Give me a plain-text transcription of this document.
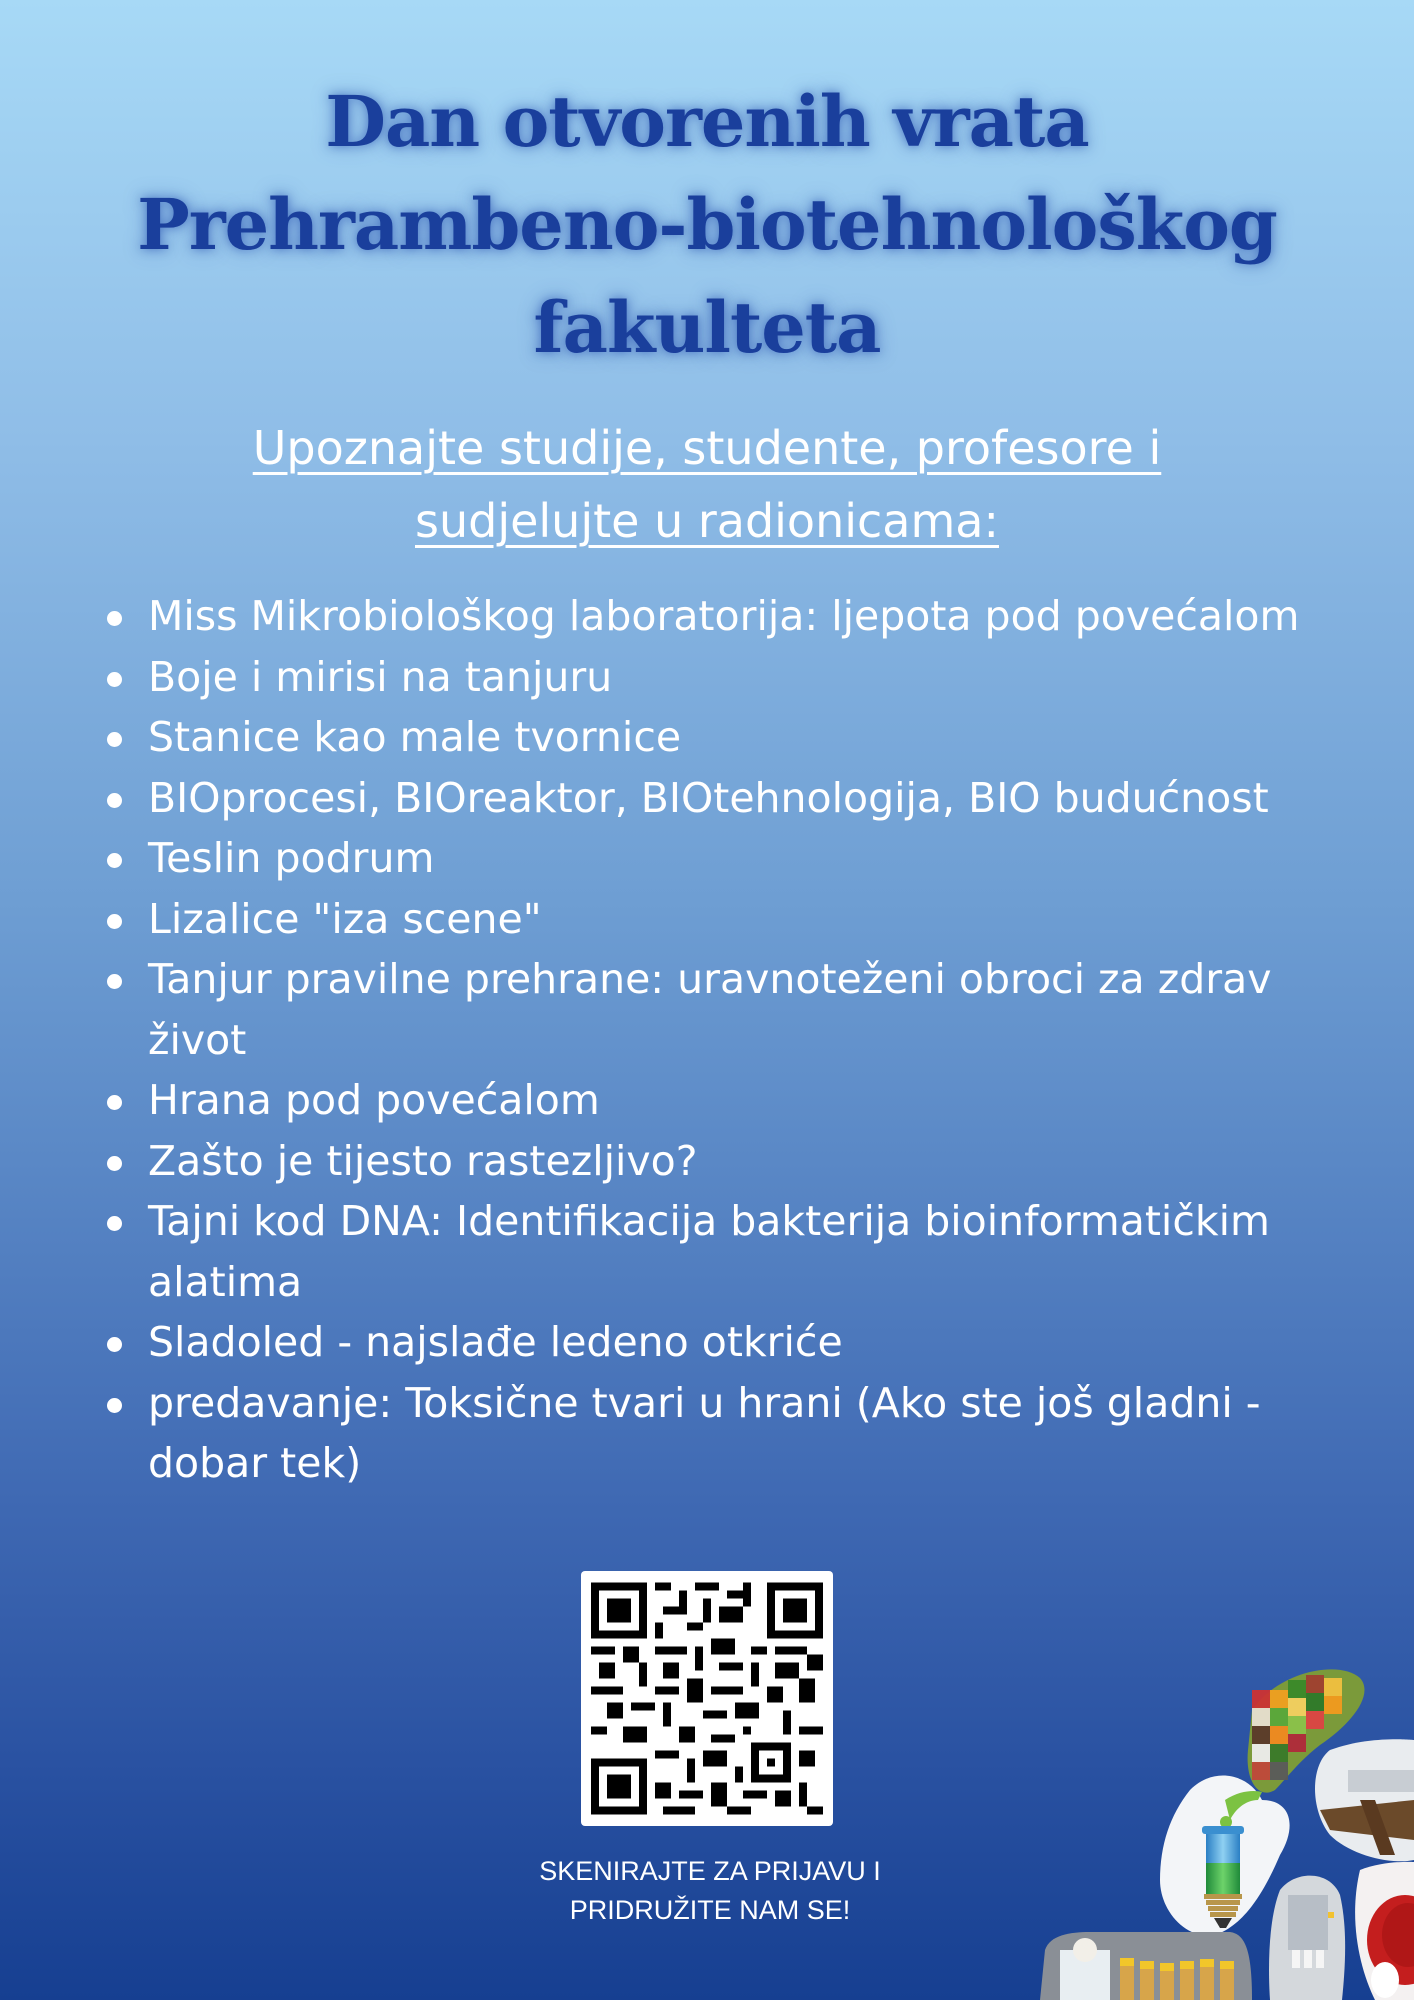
Dan otvorenih vrata
Prehrambeno-biotehnološkog
fakulteta
Upoznajte studije, studente, profesore i
sudjelujte u radionicama:
Miss Mikrobiološkog laboratorija: ljepota pod povećalom
Boje i mirisi na tanjuru
Stanice kao male tvornice
BIOprocesi, BIOreaktor, BIOtehnologija, BIO budućnost
Teslin podrum
Lizalice "iza scene"
Tanjur pravilne prehrane: uravnoteženi obroci za zdrav život
Hrana pod povećalom
Zašto je tijesto rastezljivo?
Tajni kod DNA: Identifikacija bakterija bioinformatičkim alatima
Sladoled - najslađe ledeno otkriće
predavanje: Toksične tvari u hrani (Ako ste još gladni - dobar tek)
SKENIRAJTE ZA PRIJAVU I
PRIDRUŽITE NAM SE!
